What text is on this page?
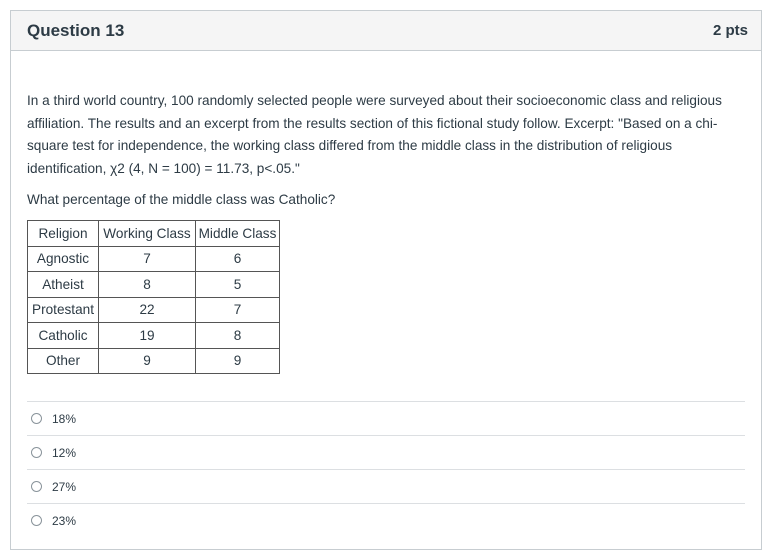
Question 13	2 pts

In a third world country, 100 randomly selected people were surveyed about their socioeconomic class and religious affiliation. The results and an excerpt from the results section of this fictional study follow. Excerpt: "Based on a chi-square test for independence, the working class differed from the middle class in the distribution of religious identification, χ2 (4, N = 100) = 11.73, p<.05."

What percentage of the middle class was Catholic?

Religion	Working Class	Middle Class
Agnostic	7	6
Atheist	8	5
Protestant	22	7
Catholic	19	8
Other	9	9
18%
12%
27%
23%
